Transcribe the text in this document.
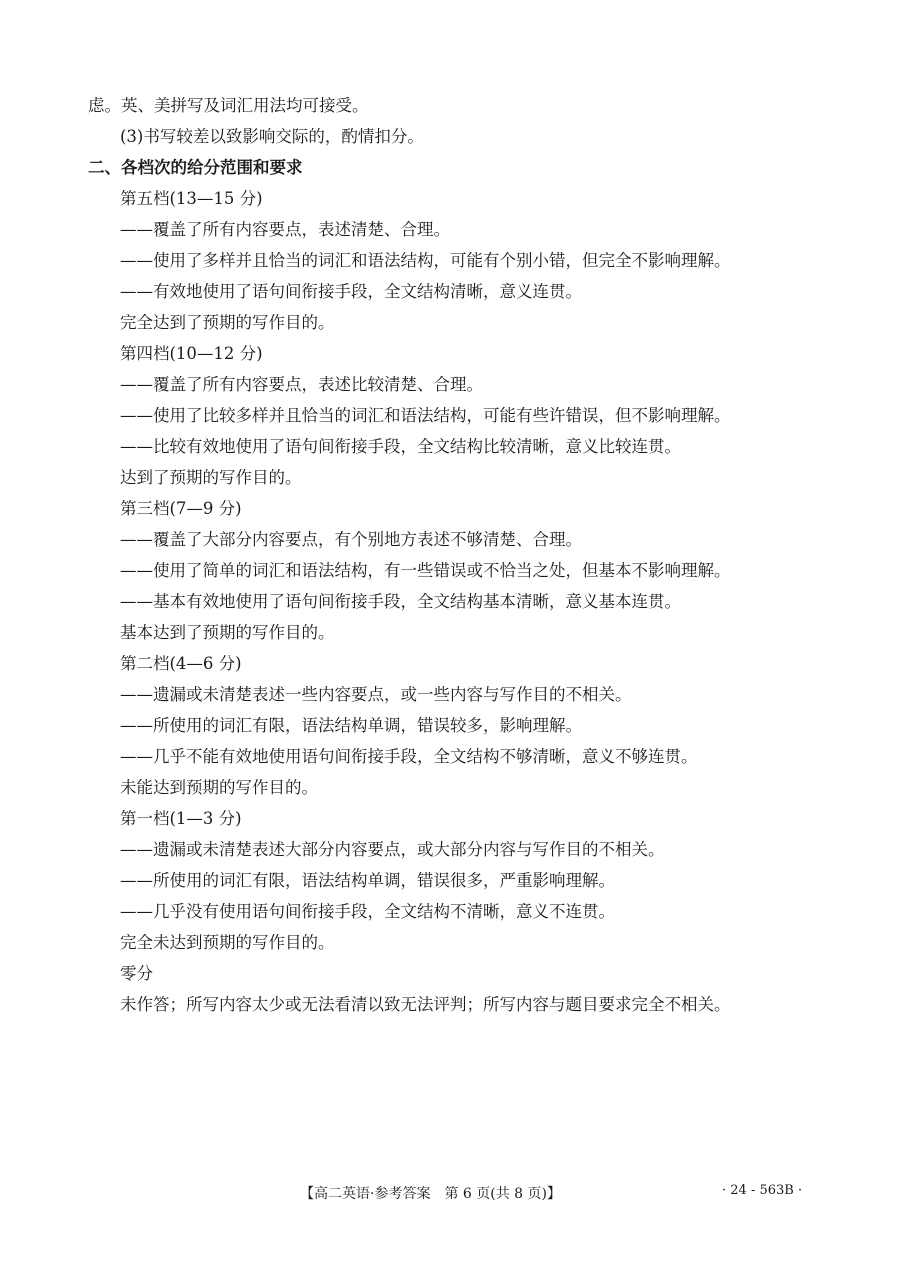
虑。英、美拼写及词汇用法均可接受。
(3)书写较差以致影响交际的，酌情扣分。
二、各档次的给分范围和要求
第五档(13—15 分)
——覆盖了所有内容要点，表述清楚、合理。
——使用了多样并且恰当的词汇和语法结构，可能有个别小错，但完全不影响理解。
——有效地使用了语句间衔接手段，全文结构清晰，意义连贯。
完全达到了预期的写作目的。
第四档(10—12 分)
——覆盖了所有内容要点，表述比较清楚、合理。
——使用了比较多样并且恰当的词汇和语法结构，可能有些许错误，但不影响理解。
——比较有效地使用了语句间衔接手段，全文结构比较清晰，意义比较连贯。
达到了预期的写作目的。
第三档(7—9 分)
——覆盖了大部分内容要点，有个别地方表述不够清楚、合理。
——使用了简单的词汇和语法结构，有一些错误或不恰当之处，但基本不影响理解。
——基本有效地使用了语句间衔接手段，全文结构基本清晰，意义基本连贯。
基本达到了预期的写作目的。
第二档(4—6 分)
——遗漏或未清楚表述一些内容要点，或一些内容与写作目的不相关。
——所使用的词汇有限，语法结构单调，错误较多，影响理解。
——几乎不能有效地使用语句间衔接手段，全文结构不够清晰，意义不够连贯。
未能达到预期的写作目的。
第一档(1—3 分)
——遗漏或未清楚表述大部分内容要点，或大部分内容与写作目的不相关。
——所使用的词汇有限，语法结构单调，错误很多，严重影响理解。
——几乎没有使用语句间衔接手段，全文结构不清晰，意义不连贯。
完全未达到预期的写作目的。
零分
未作答；所写内容太少或无法看清以致无法评判；所写内容与题目要求完全不相关。
【高二英语·参考答案　第 6 页(共 8 页)】	· 24 - 563B ·
